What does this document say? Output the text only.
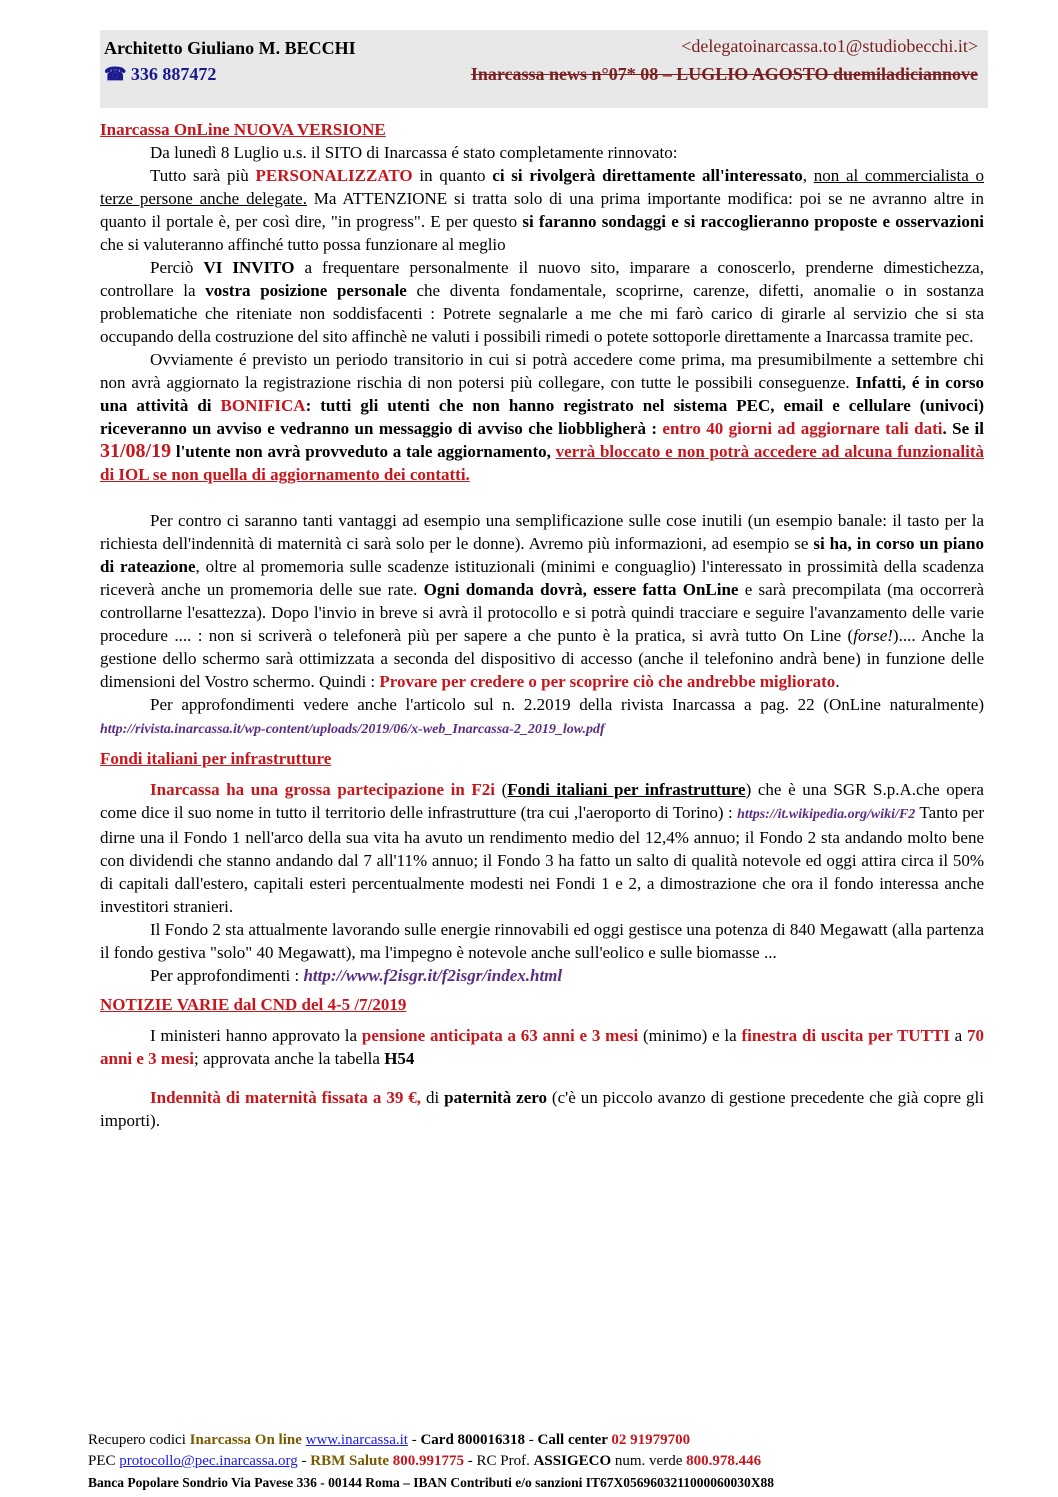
Architetto Giuliano M. BECCHI	<delegatoinarcassa.to1@studiobecchi.it>
☎ 336 887472	Inarcassa news n°07* 08 – LUGLIO AGOSTO duemiladiciannove
Inarcassa OnLine NUOVA VERSIONE

Da lunedì 8 Luglio u.s. il SITO di Inarcassa é stato completamente rinnovato:

Tutto sarà più PERSONALIZZATO in quanto ci si rivolgerà direttamente all'interessato, non al commercialista o terze persone anche delegate. Ma ATTENZIONE si tratta solo di una prima importante modifica: poi se ne avranno altre in quanto il portale è, per così dire, "in progress". E per questo si faranno sondaggi e si raccoglieranno proposte e osservazioni che si valuteranno affinché tutto possa funzionare al meglio

Perciò VI INVITO a frequentare personalmente il nuovo sito, imparare a conoscerlo, prenderne dimestichezza, controllare la vostra posizione personale che diventa fondamentale, scoprirne, carenze, difetti, anomalie o in sostanza problematiche che riteniate non soddisfacenti : Potrete segnalarle a me che mi farò carico di girarle al servizio che si sta occupando della costruzione del sito affinchè ne valuti i possibili rimedi o potete sottoporle direttamente a Inarcassa tramite pec.

Ovviamente é previsto un periodo transitorio in cui si potrà accedere come prima, ma presumibilmente a settembre chi non avrà aggiornato la registrazione rischia di non potersi più collegare, con tutte le possibili conseguenze. Infatti, é in corso una attività di BONIFICA: tutti gli utenti che non hanno registrato nel sistema PEC, email e cellulare (univoci) riceveranno un avviso e vedranno un messaggio di avviso che liobbligherà : entro 40 giorni ad aggiornare tali dati. Se il 31/08/19 l'utente non avrà provveduto a tale aggiornamento, verrà bloccato e non potrà accedere ad alcuna funzionalità di IOL se non quella di aggiornamento dei contatti.

Per contro ci saranno tanti vantaggi ad esempio una semplificazione sulle cose inutili (un esempio banale: il tasto per la richiesta dell'indennità di maternità ci sarà solo per le donne). Avremo più informazioni, ad esempio se si ha, in corso un piano di rateazione, oltre al promemoria sulle scadenze istituzionali (minimi e conguaglio) l'interessato in prossimità della scadenza riceverà anche un promemoria delle sue rate. Ogni domanda dovrà, essere fatta OnLine e sarà precompilata (ma occorrerà controllarne l'esattezza). Dopo l'invio in breve si avrà il protocollo e si potrà quindi tracciare e seguire l'avanzamento delle varie procedure .... : non si scriverà o telefonerà più per sapere a che punto è la pratica, si avrà tutto On Line (forse!).... Anche la gestione dello schermo sarà ottimizzata a seconda del dispositivo di accesso (anche il telefonino andrà bene) in funzione delle dimensioni del Vostro schermo. Quindi : Provare per credere o per scoprire ciò che andrebbe migliorato.

Per approfondimenti vedere anche l'articolo sul n. 2.2019 della rivista Inarcassa a pag. 22 (OnLine naturalmente) http://rivista.inarcassa.it/wp-content/uploads/2019/06/x-web_Inarcassa-2_2019_low.pdf

Fondi italiani per infrastrutture

Inarcassa ha una grossa partecipazione in F2i (Fondi italiani per infrastrutture) che è una SGR S.p.A.che opera come dice il suo nome in tutto il territorio delle infrastrutture (tra cui ,l'aeroporto di Torino) : https://it.wikipedia.org/wiki/F2 Tanto per dirne una il Fondo 1 nell'arco della sua vita ha avuto un rendimento medio del 12,4% annuo; il Fondo 2 sta andando molto bene con dividendi che stanno andando dal 7 all'11% annuo; il Fondo 3 ha fatto un salto di qualità notevole ed oggi attira circa il 50% di capitali dall'estero, capitali esteri percentualmente modesti nei Fondi 1 e 2, a dimostrazione che ora il fondo interessa anche investitori stranieri.

Il Fondo 2 sta attualmente lavorando sulle energie rinnovabili ed oggi gestisce una potenza di 840 Megawatt (alla partenza il fondo gestiva "solo" 40 Megawatt), ma l'impegno è notevole anche sull'eolico e sulle biomasse ...

Per approfondimenti : http://www.f2isgr.it/f2isgr/index.html

NOTIZIE VARIE dal CND del 4-5 /7/2019

I ministeri hanno approvato la pensione anticipata a 63 anni e 3 mesi (minimo) e la finestra di uscita per TUTTI a 70 anni e 3 mesi; approvata anche la tabella H54

Indennità di maternità fissata a 39 €, di paternità zero (c'è un piccolo avanzo di gestione precedente che già copre gli importi).

Recupero codici Inarcassa On line www.inarcassa.it - Card 800016318 - Call center 02 91979700
PEC protocollo@pec.inarcassa.org - RBM Salute 800.991775 - RC Prof. ASSIGECO num. verde 800.978.446
Banca Popolare Sondrio Via Pavese 336 - 00144 Roma – IBAN Contributi e/o sanzioni IT67X0569603211000060030X88
